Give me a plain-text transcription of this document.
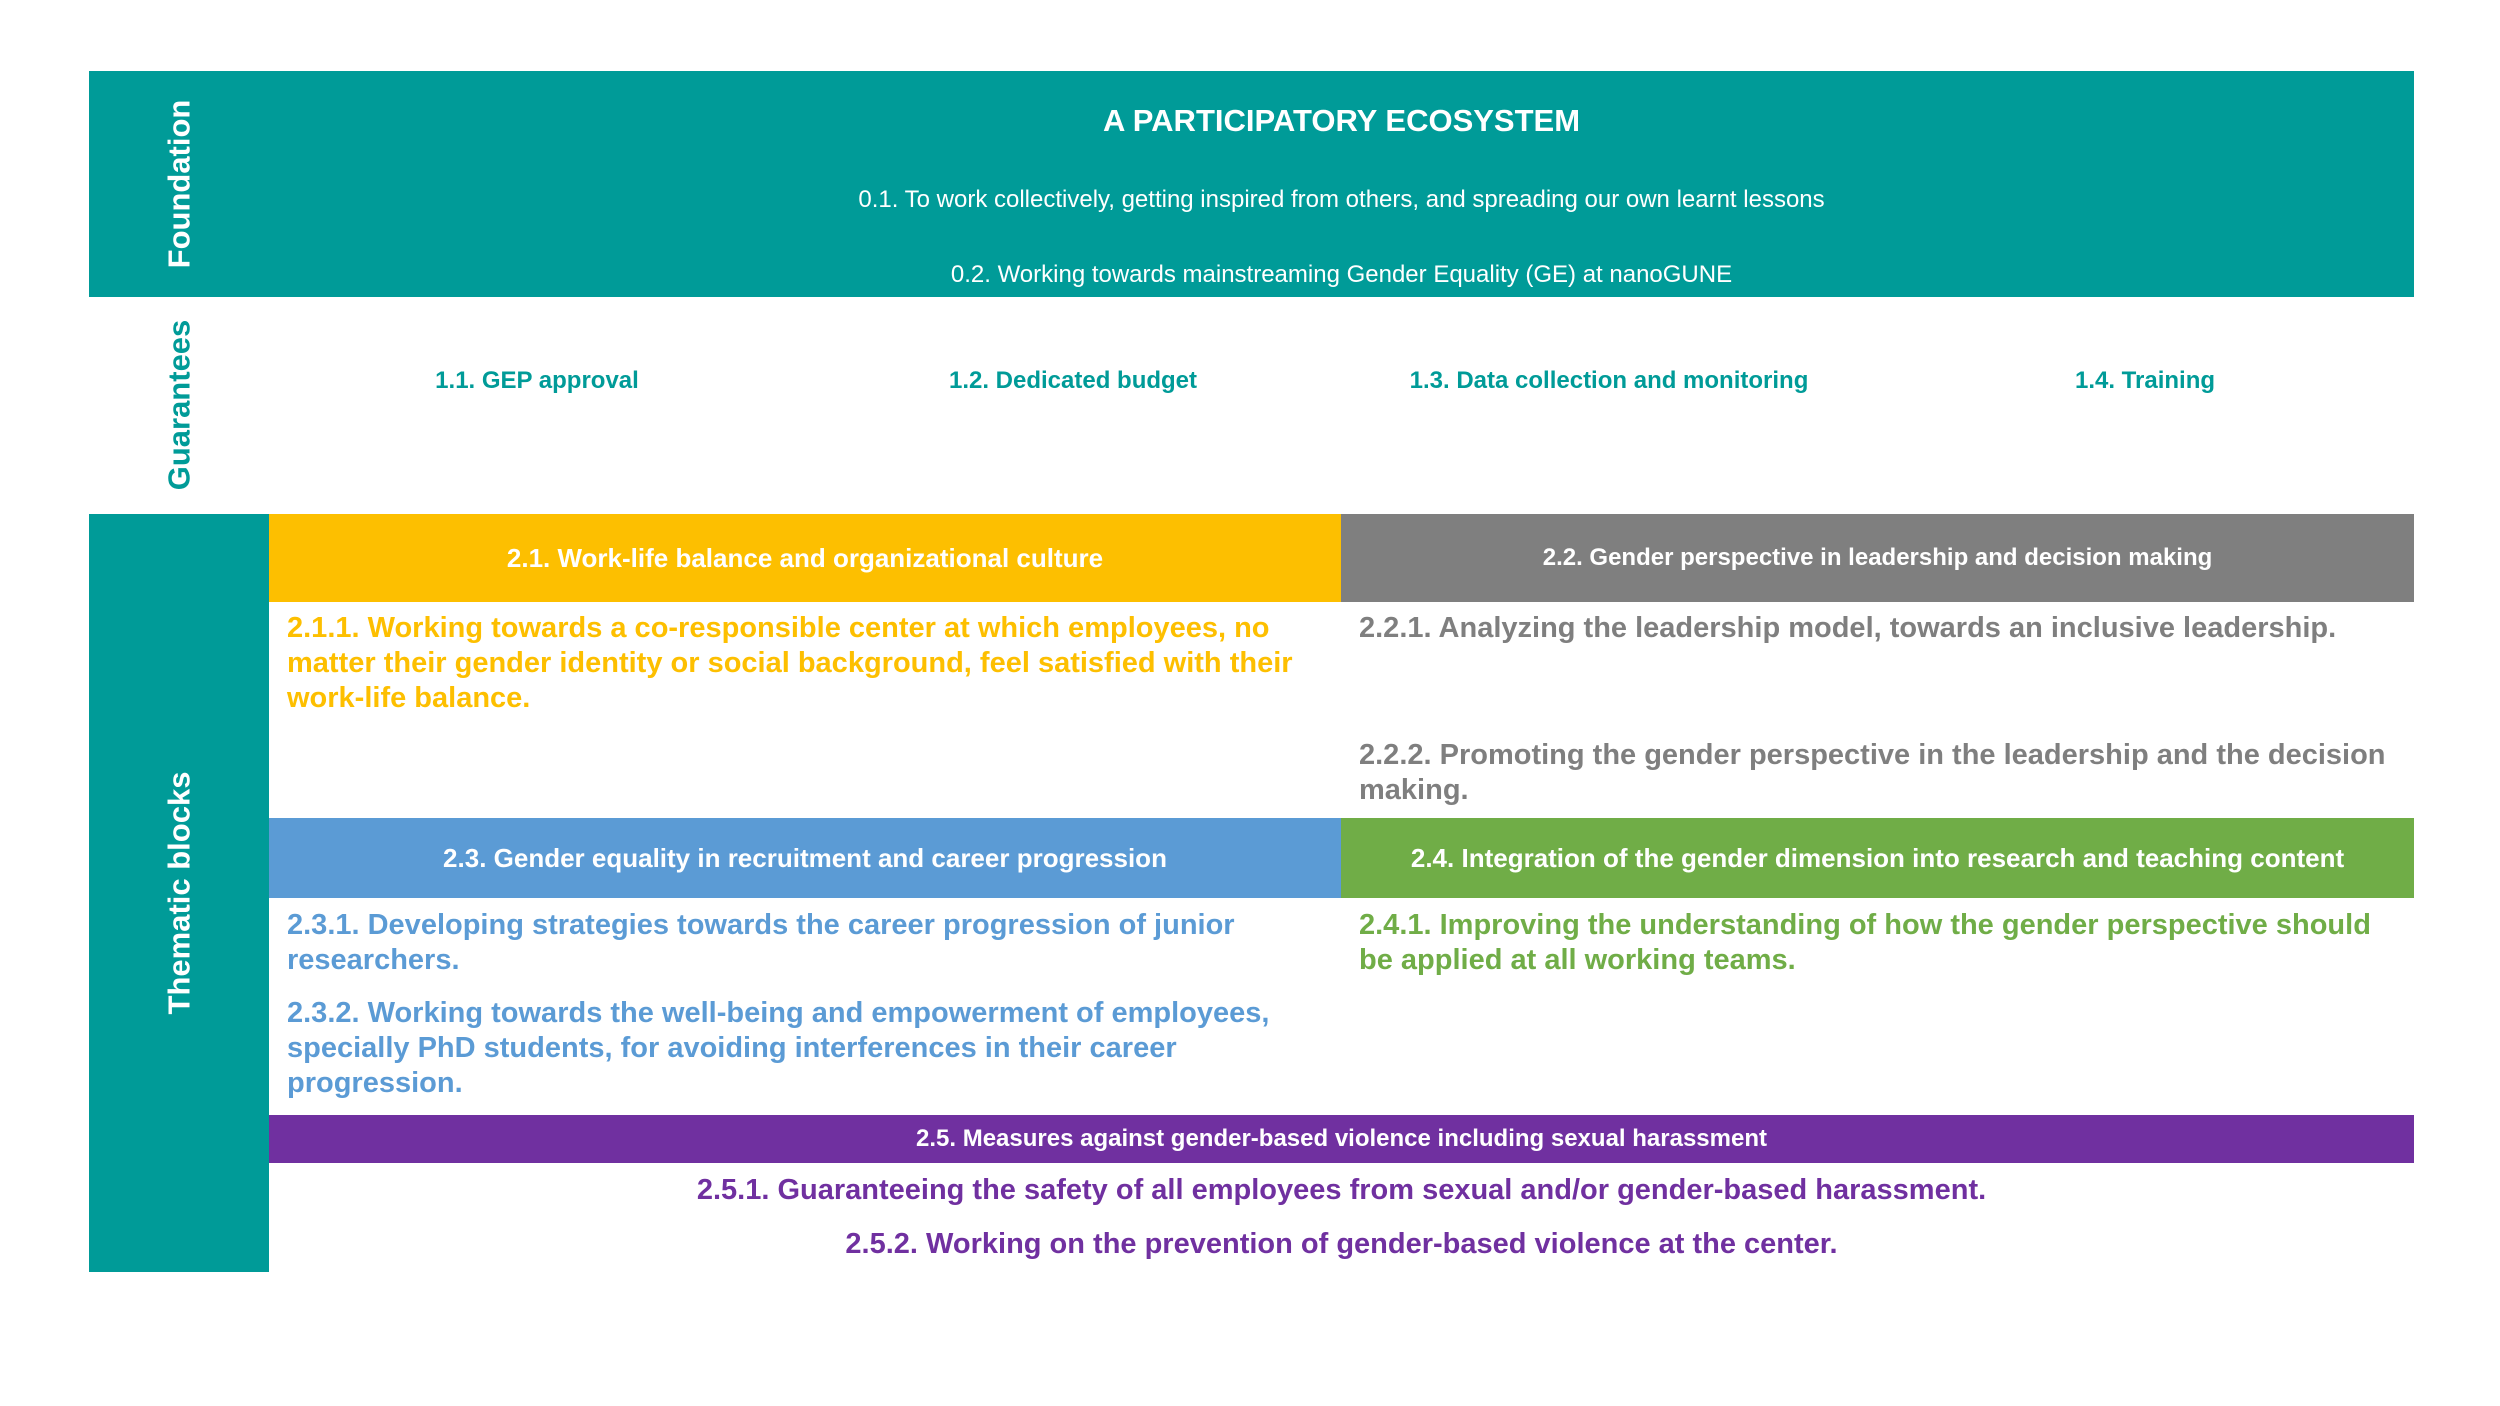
Foundation	A PARTICIPATORY ECOSYSTEM
0.1. To work collectively, getting inspired from others, and spreading our own learnt lessons
0.2. Working towards mainstreaming Gender Equality (GE) at nanoGUNE
Guarantees	1.1. GEP approval	1.2. Dedicated budget	1.3. Data collection and monitoring	1.4. Training
Thematic blocks
2.1. Work-life balance and organizational culture	2.2. Gender perspective in leadership and decision making
2.1.1. Working towards a co-responsible center at which employees, no matter their gender identity or social background, feel satisfied with their work-life balance.
2.2.1. Analyzing the leadership model, towards an inclusive leadership.
2.2.2. Promoting the gender perspective in the leadership and the decision making.
2.3. Gender equality in recruitment and career progression	2.4. Integration of the gender dimension into research and teaching content
2.3.1. Developing strategies towards the career progression of junior researchers.
2.3.2. Working towards the well-being and empowerment of employees, specially PhD students, for avoiding interferences in their career progression.
2.4.1. Improving the understanding of how the gender perspective should be applied at all working teams.
2.5. Measures against gender-based violence including sexual harassment
2.5.1. Guaranteeing the safety of all employees from sexual and/or gender-based harassment.
2.5.2. Working on the prevention of gender-based violence at the center.
